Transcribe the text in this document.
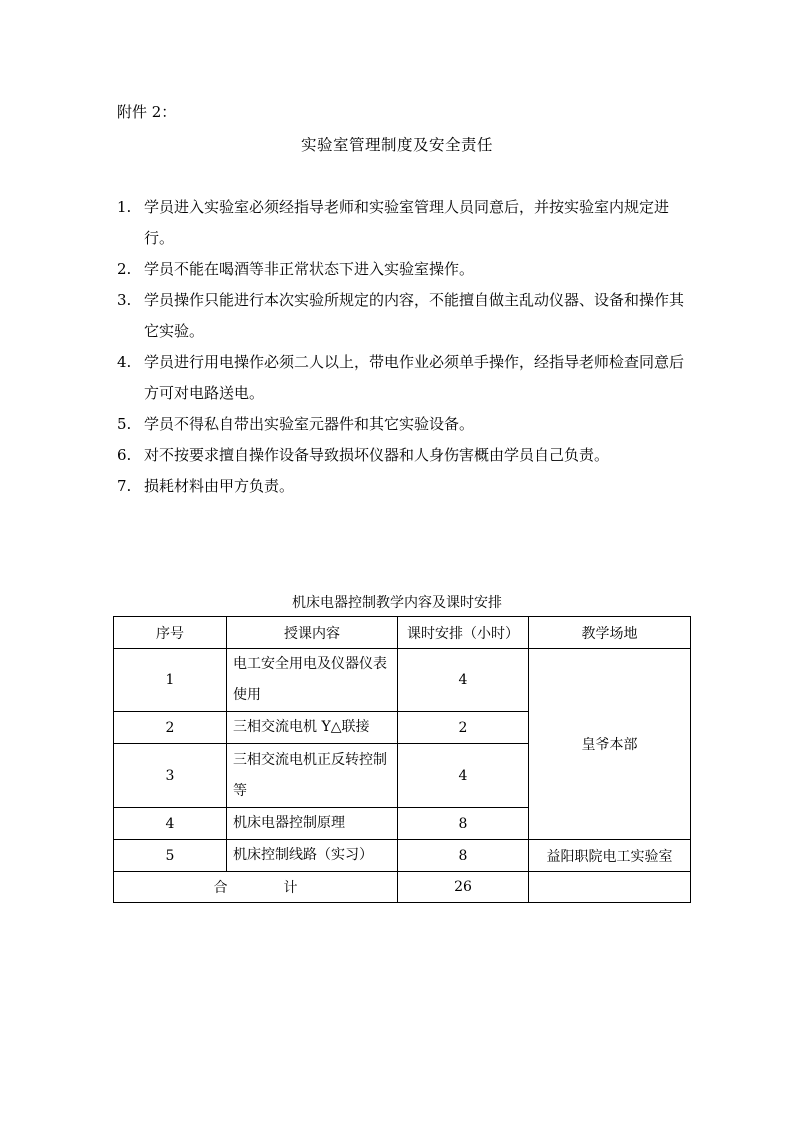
附件 2：
实验室管理制度及安全责任
1. 学员进入实验室必须经指导老师和实验室管理人员同意后，并按实验室内规定进行。
2. 学员不能在喝酒等非正常状态下进入实验室操作。
3. 学员操作只能进行本次实验所规定的内容，不能擅自做主乱动仪器、设备和操作其它实验。
4. 学员进行用电操作必须二人以上，带电作业必须单手操作，经指导老师检查同意后方可对电路送电。
5. 学员不得私自带出实验室元器件和其它实验设备。
6. 对不按要求擅自操作设备导致损坏仪器和人身伤害概由学员自己负责。
7. 损耗材料由甲方负责。
机床电器控制教学内容及课时安排
序号	授课内容	课时安排（小时）	教学场地
1	电工安全用电及仪器仪表使用	4	皇爷本部
2	三相交流电机 Y△联接	2	
3	三相交流电机正反转控制等	4	
4	机床电器控制原理	8	
5	机床控制线路（实习）	8	益阳职院电工实验室
合　　　　计		26	
